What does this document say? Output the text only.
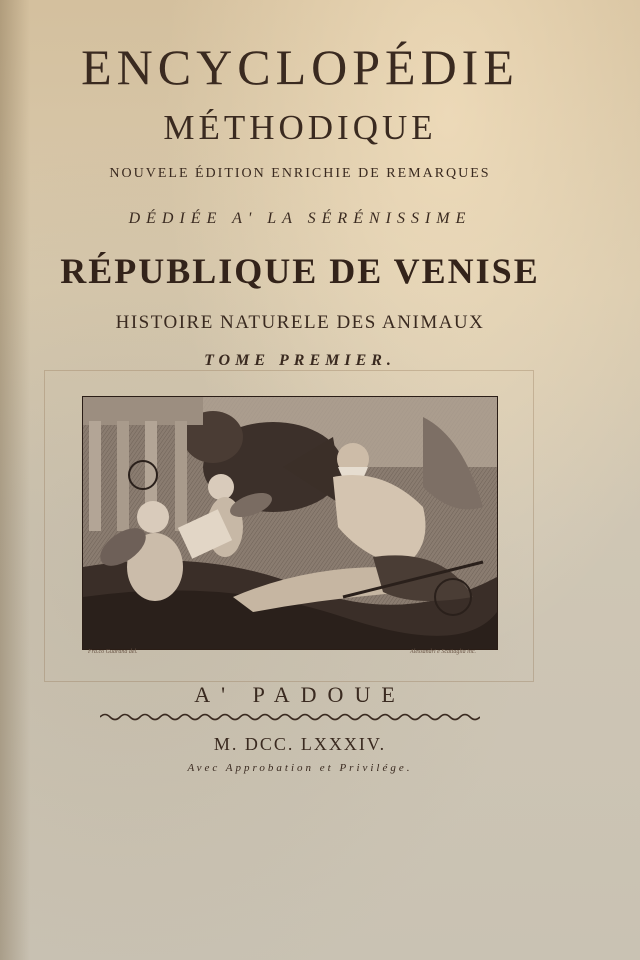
ENCYCLOPÉDIE
MÉTHODIQUE
NOUVELE ÉDITION ENRICHIE DE REMARQUES
DÉDIÉE A' LA SÉRÉNISSIME
RÉPUBLIQUE DE VENISE
HISTOIRE NATURELE DES ANIMAUX
TOME PREMIER.
Fra.co Guarana del.	Alessandri e Scattaglia inc.
A' PADOUE
M. DCC. LXXXIV.
Avec Approbation et Privilége.
